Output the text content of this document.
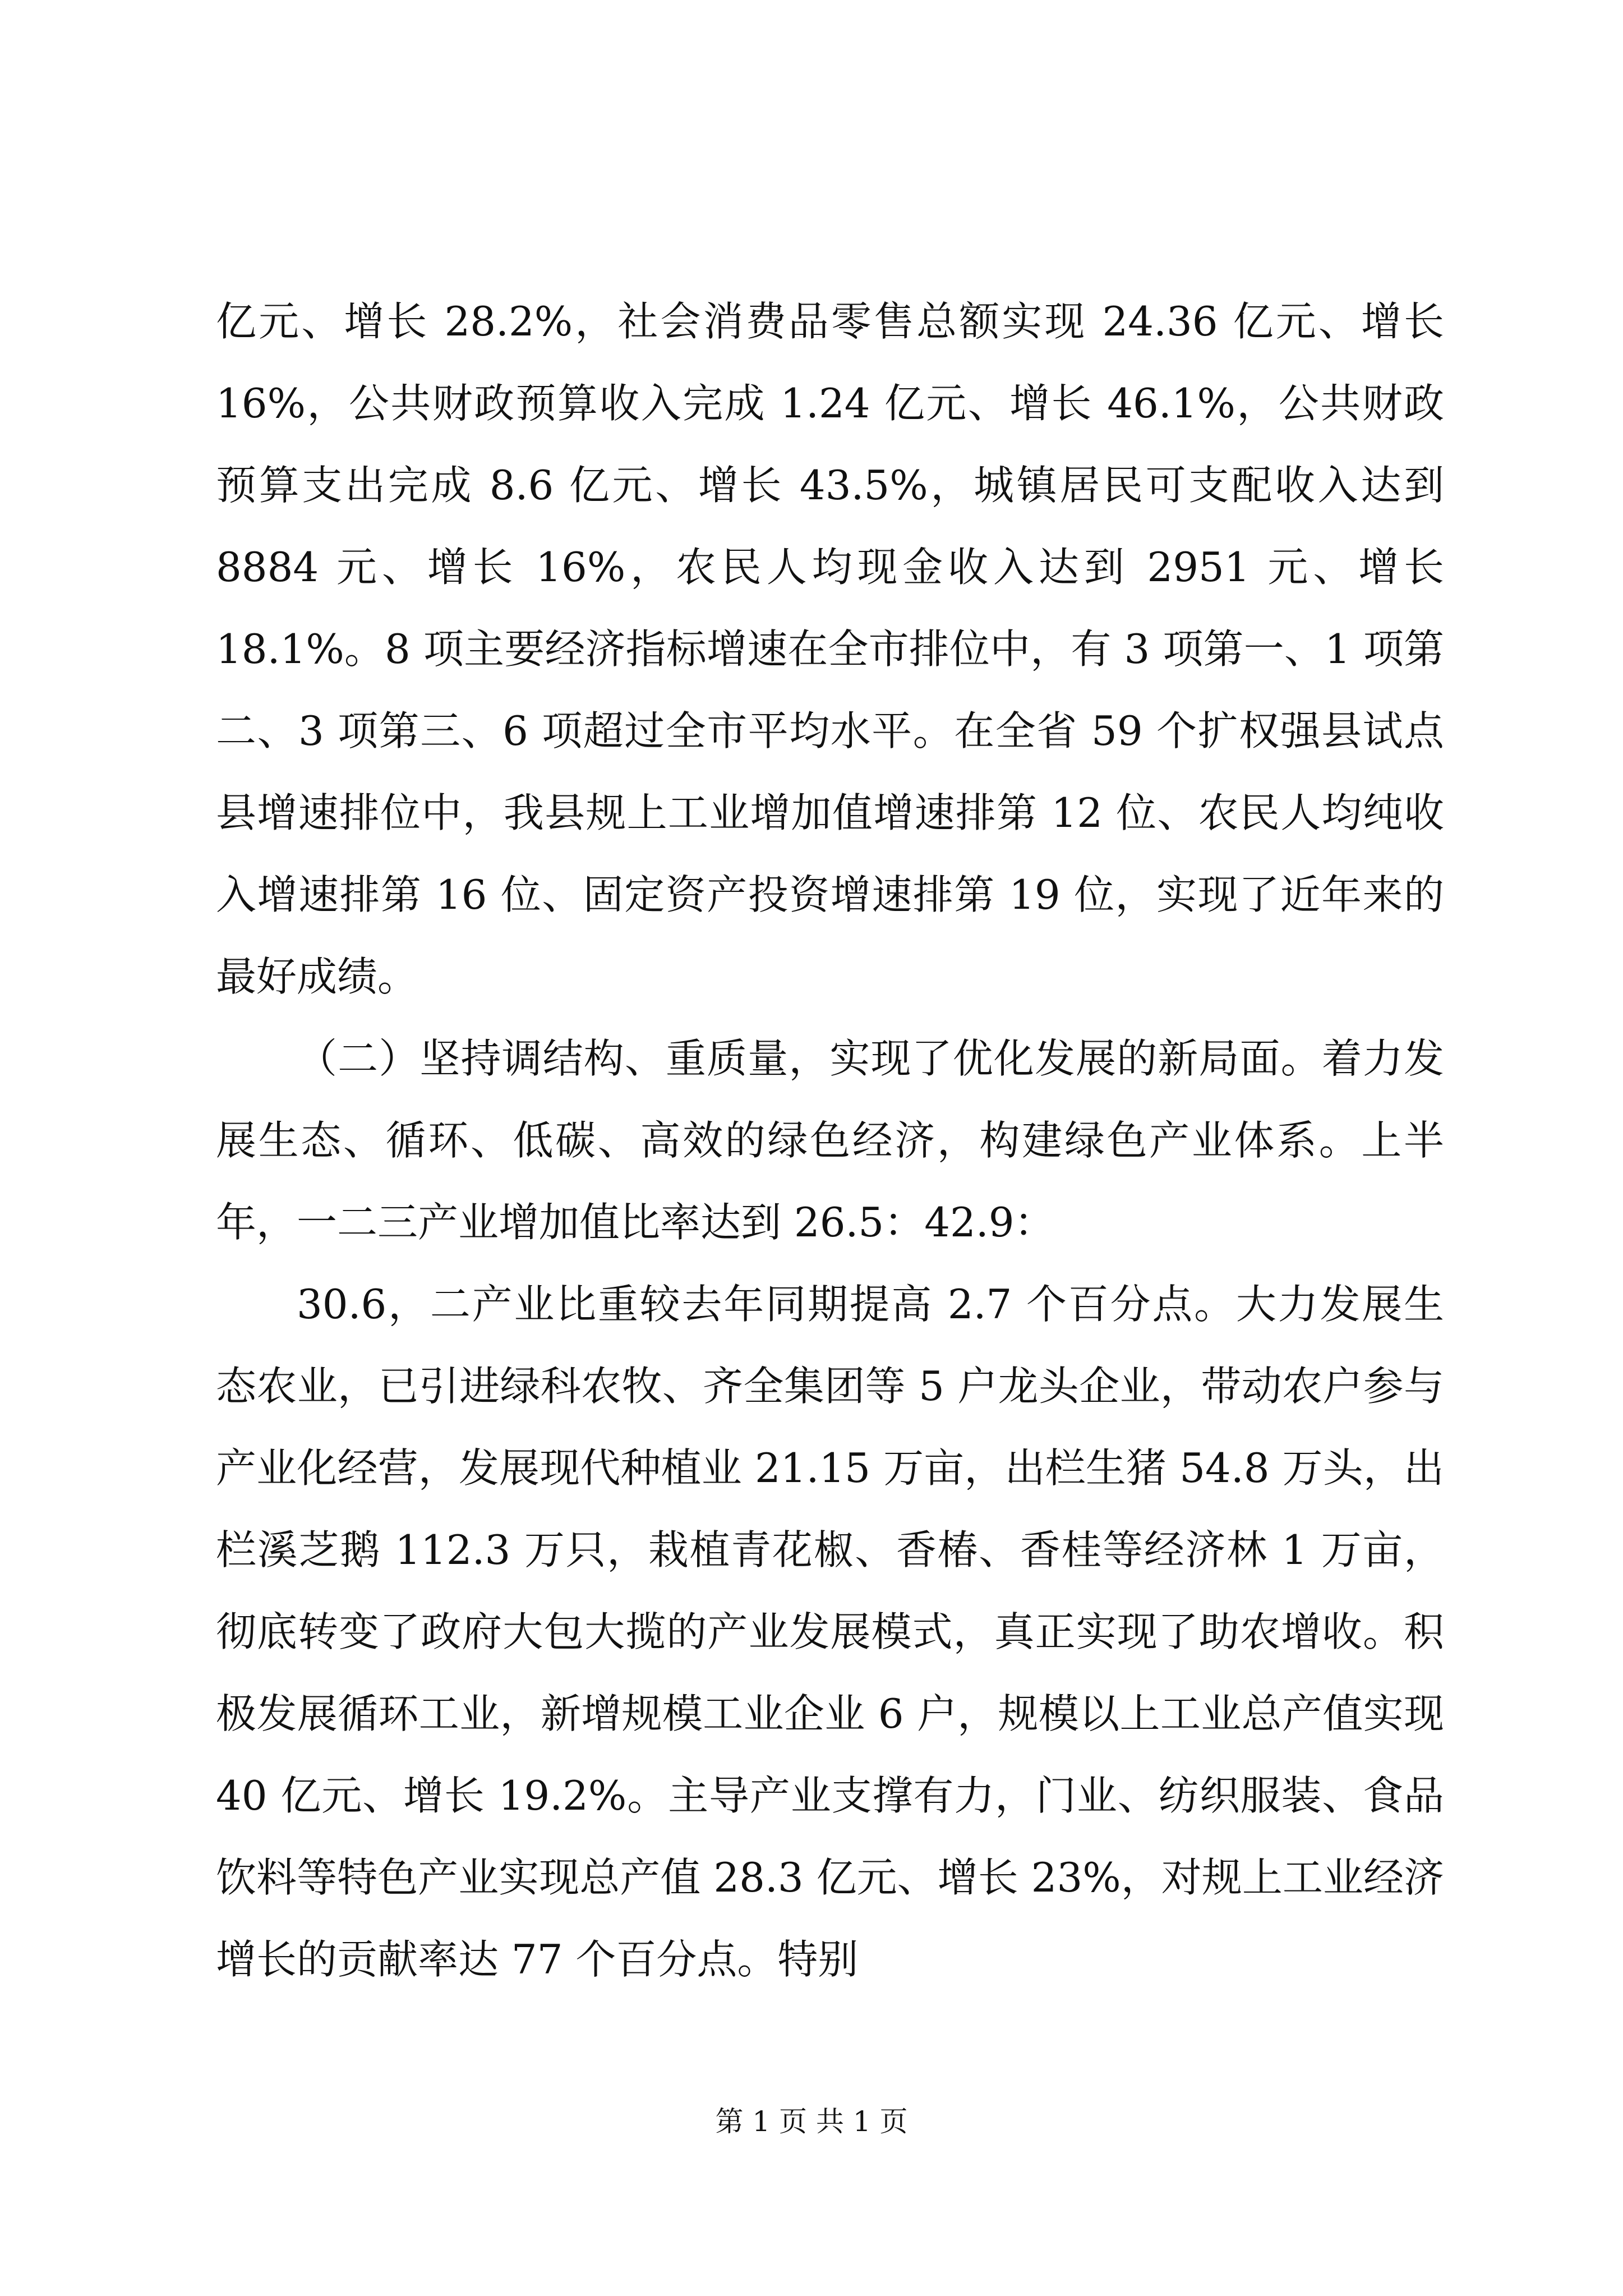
亿元、增长 28.2%，社会消费品零售总额实现 24.36 亿元、增长 16%，公共财政预算收入完成 1.24 亿元、增长 46.1%，公共财政预算支出完成 8.6 亿元、增长 43.5%，城镇居民可支配收入达到 8884 元、增长 16%，农民人均现金收入达到 2951 元、增长 18.1%。8 项主要经济指标增速在全市排位中，有 3 项第一、1 项第二、3 项第三、6 项超过全市平均水平。在全省 59 个扩权强县试点县增速排位中，我县规上工业增加值增速排第 12 位、农民人均纯收入增速排第 16 位、固定资产投资增速排第 19 位，实现了近年来的最好成绩。

（二）坚持调结构、重质量，实现了优化发展的新局面。着力发展生态、循环、低碳、高效的绿色经济，构建绿色产业体系。上半年，一二三产业增加值比率达到 26.5：42.9：

30.6，二产业比重较去年同期提高 2.7 个百分点。大力发展生态农业，已引进绿科农牧、齐全集团等 5 户龙头企业，带动农户参与产业化经营，发展现代种植业 21.15 万亩，出栏生猪 54.8 万头，出栏溪芝鹅 112.3 万只，栽植青花椒、香椿、香桂等经济林 1 万亩，彻底转变了政府大包大揽的产业发展模式，真正实现了助农增收。积极发展循环工业，新增规模工业企业 6 户，规模以上工业总产值实现 40 亿元、增长 19.2%。主导产业支撑有力，门业、纺织服装、食品饮料等特色产业实现总产值 28.3 亿元、增长 23%，对规上工业经济增长的贡献率达 77 个百分点。特别

第 1 页 共 1 页
